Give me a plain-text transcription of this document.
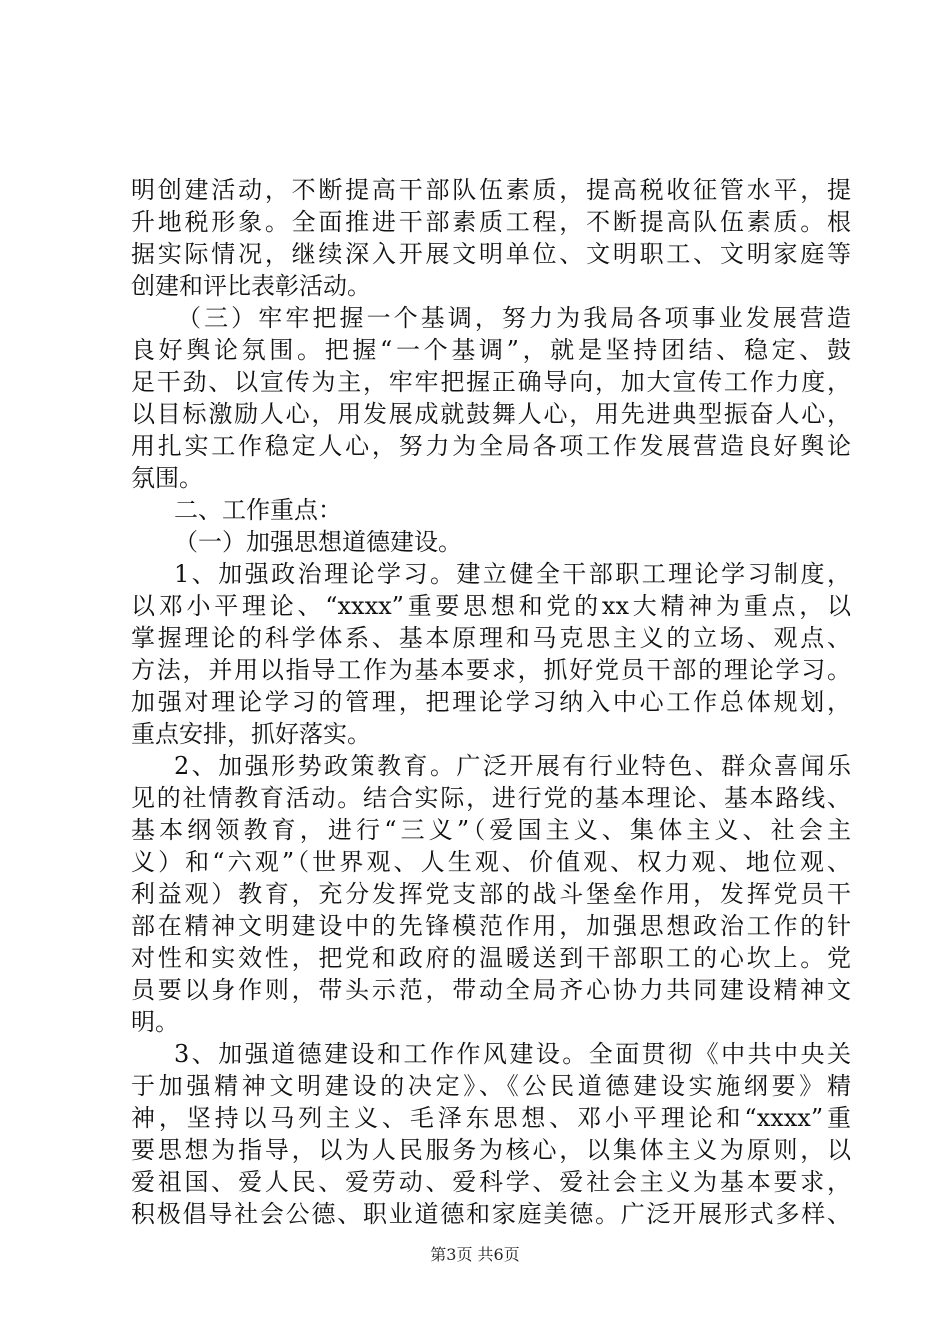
明创建活动，不断提高干部队伍素质，提高税收征管水平，提
升地税形象。全面推进干部素质工程，不断提高队伍素质。根
据实际情况，继续深入开展文明单位、文明职工、文明家庭等
创建和评比表彰活动。
（三）牢牢把握一个基调，努力为我局各项事业发展营造
良好舆论氛围。把握“一个基调”，就是坚持团结、稳定、鼓
足干劲、以宣传为主，牢牢把握正确导向，加大宣传工作力度，
以目标激励人心，用发展成就鼓舞人心，用先进典型振奋人心，
用扎实工作稳定人心，努力为全局各项工作发展营造良好舆论
氛围。
二、工作重点：
（一）加强思想道德建设。
1、加强政治理论学习。建立健全干部职工理论学习制度，
以邓小平理论、“xxxx”重要思想和党的xx大精神为重点，以
掌握理论的科学体系、基本原理和马克思主义的立场、观点、
方法，并用以指导工作为基本要求，抓好党员干部的理论学习。
加强对理论学习的管理，把理论学习纳入中心工作总体规划，
重点安排，抓好落实。
2、加强形势政策教育。广泛开展有行业特色、群众喜闻乐
见的社情教育活动。结合实际，进行党的基本理论、基本路线、
基本纲领教育，进行“三义”（爱国主义、集体主义、社会主
义）和“六观”（世界观、人生观、价值观、权力观、地位观、
利益观）教育，充分发挥党支部的战斗堡垒作用，发挥党员干
部在精神文明建设中的先锋模范作用，加强思想政治工作的针
对性和实效性，把党和政府的温暖送到干部职工的心坎上。党
员要以身作则，带头示范，带动全局齐心协力共同建设精神文
明。
3、加强道德建设和工作作风建设。全面贯彻《中共中央关
于加强精神文明建设的决定》、《公民道德建设实施纲要》精
神，坚持以马列主义、毛泽东思想、邓小平理论和“xxxx”重
要思想为指导，以为人民服务为核心，以集体主义为原则，以
爱祖国、爱人民、爱劳动、爱科学、爱社会主义为基本要求，
积极倡导社会公德、职业道德和家庭美德。广泛开展形式多样、
第3页 共6页
